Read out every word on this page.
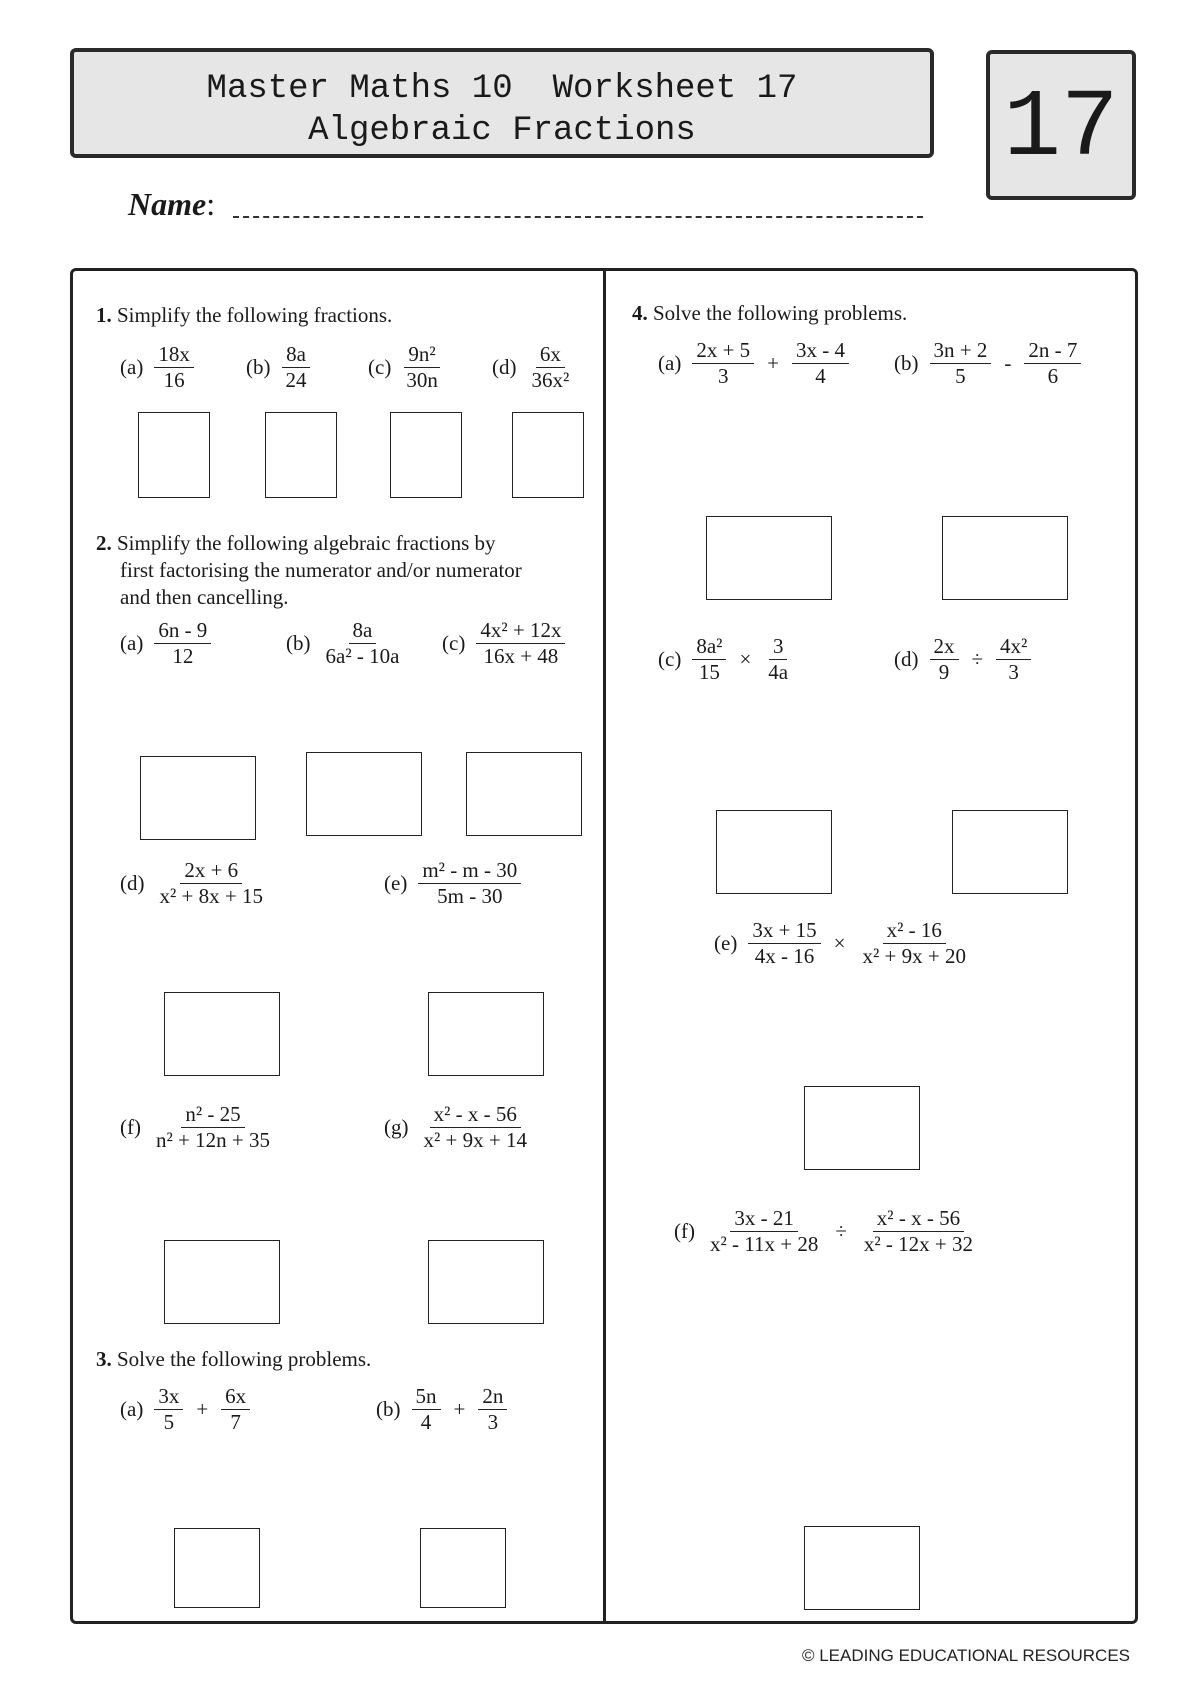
Master Maths 10 Worksheet 17
Algebraic Fractions	17
Name:
1. Simplify the following fractions.
$(a) \frac{18x}{16} (b) \frac{8a}{24}$	$(c) \frac{\text{9n²}}{30n} (d) \frac{6x}{\text{36x²}}$
2. Simplify the following algebraic fractions by
first factorising the numerator and/or numerator
and then cancelling.
$(a) \frac{6n - 9}{12}$	$(b) \frac{8a}{\text{6a² - 10a}} (c) \frac{\text{4x² + 12x}}{16x + 48}$
$(d) \frac{2x + 6}{\text{x² + 8x + 15}}$	$(e) \frac{\text{m² - m - 30}}{5m - 30}$
$(f) \frac{\text{n² - 25}}{\text{n² + 12n + 35}}$	$(g) \frac{\text{x² - x - 56}}{\text{x² + 9x + 14}}$
3. Solve the following problems.
$(a) \frac{3x}{5} + \frac{6x}{7}$	$(b) \frac{5n}{4} + \frac{2n}{3}$
4. Solve the following problems.
$(a) \frac{2x + 5}{3} + \frac{3x - 4}{4} (b) \frac{3n + 2}{5} - \frac{2n - 7}{6}$
$(c) \frac{\text{8a²}}{15} \times \frac{3}{4a}$	$(d) \frac{2x}{9} \div \frac{\text{4x²}}{3}$
$(e) \frac{3x + 15}{4x - 16} \times \frac{\text{x² - 16}}{\text{x² + 9x + 20}}$
$(f) \frac{3x - 21}{\text{x² - 11x + 28}} \div \frac{\text{x² - x - 56}}{\text{x² - 12x + 32}}$
© LEADING EDUCATIONAL RESOURCES
